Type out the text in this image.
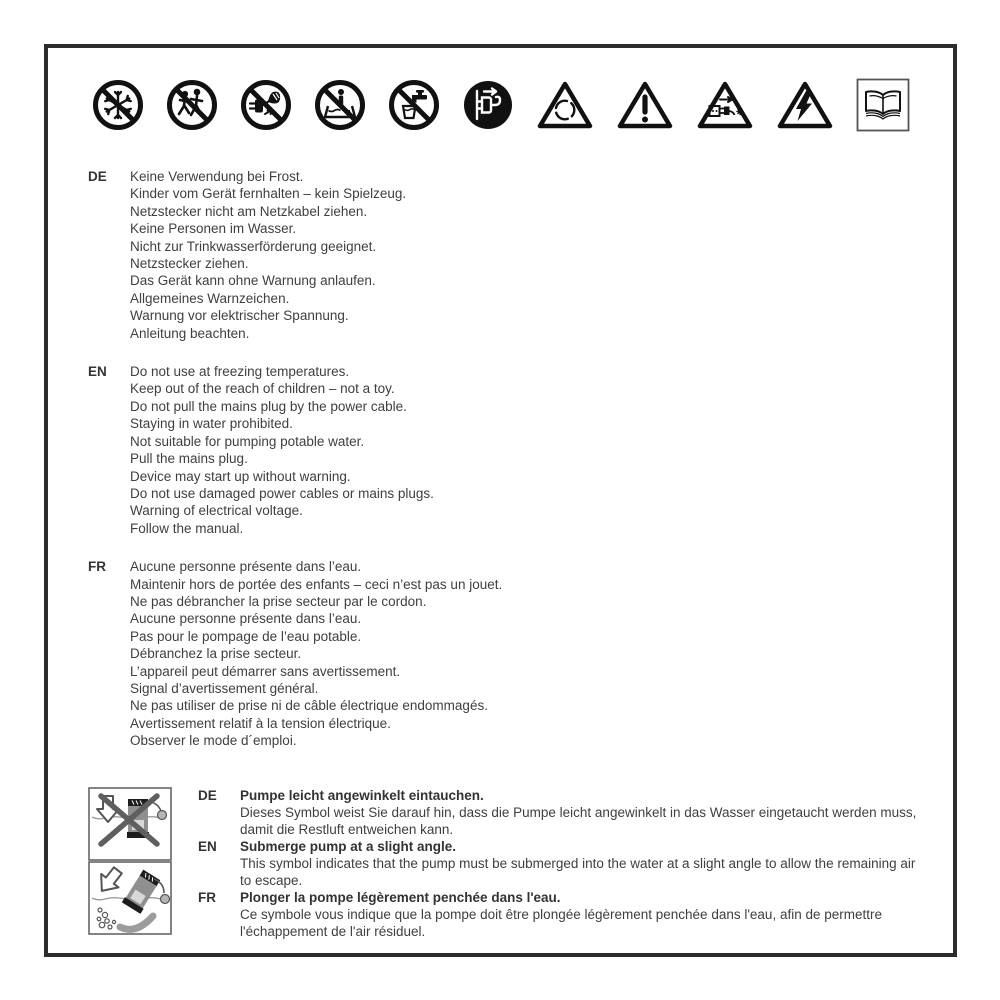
DE	Keine Verwendung bei Frost.
Kinder vom Gerät fernhalten – kein Spielzeug.
Netzstecker nicht am Netzkabel ziehen.
Keine Personen im Wasser.
Nicht zur Trinkwasserförderung geeignet.
Netzstecker ziehen.
Das Gerät kann ohne Warnung anlaufen.
Allgemeines Warnzeichen.
Warnung vor elektrischer Spannung.
Anleitung beachten.
EN	Do not use at freezing temperatures.
Keep out of the reach of children – not a toy.
Do not pull the mains plug by the power cable.
Staying in water prohibited.
Not suitable for pumping potable water.
Pull the mains plug.
Device may start up without warning.
Do not use damaged power cables or mains plugs.
Warning of electrical voltage.
Follow the manual.
FR	Aucune personne présente dans l’eau.
Maintenir hors de portée des enfants – ceci n’est pas un jouet.
Ne pas débrancher la prise secteur par le cordon.
Aucune personne présente dans l’eau.
Pas pour le pompage de l’eau potable.
Débranchez la prise secteur.
L’appareil peut démarrer sans avertissement.
Signal d’avertissement général.
Ne pas utiliser de prise ni de câble électrique endommagés.
Avertissement relatif à la tension électrique.
Observer le mode d´emploi.
DE	Pumpe leicht angewinkelt eintauchen.
Dieses Symbol weist Sie darauf hin, dass die Pumpe leicht angewinkelt in das Wasser eingetaucht werden muss, damit die Restluft entweichen kann.
EN	Submerge pump at a slight angle.
This symbol indicates that the pump must be submerged into the water at a slight angle to allow the remaining air to escape.
FR	Plonger la pompe légèrement penchée dans l'eau.
Ce symbole vous indique que la pompe doit être plongée légèrement penchée dans l'eau, afin de permettre l'échappement de l'air résiduel.
